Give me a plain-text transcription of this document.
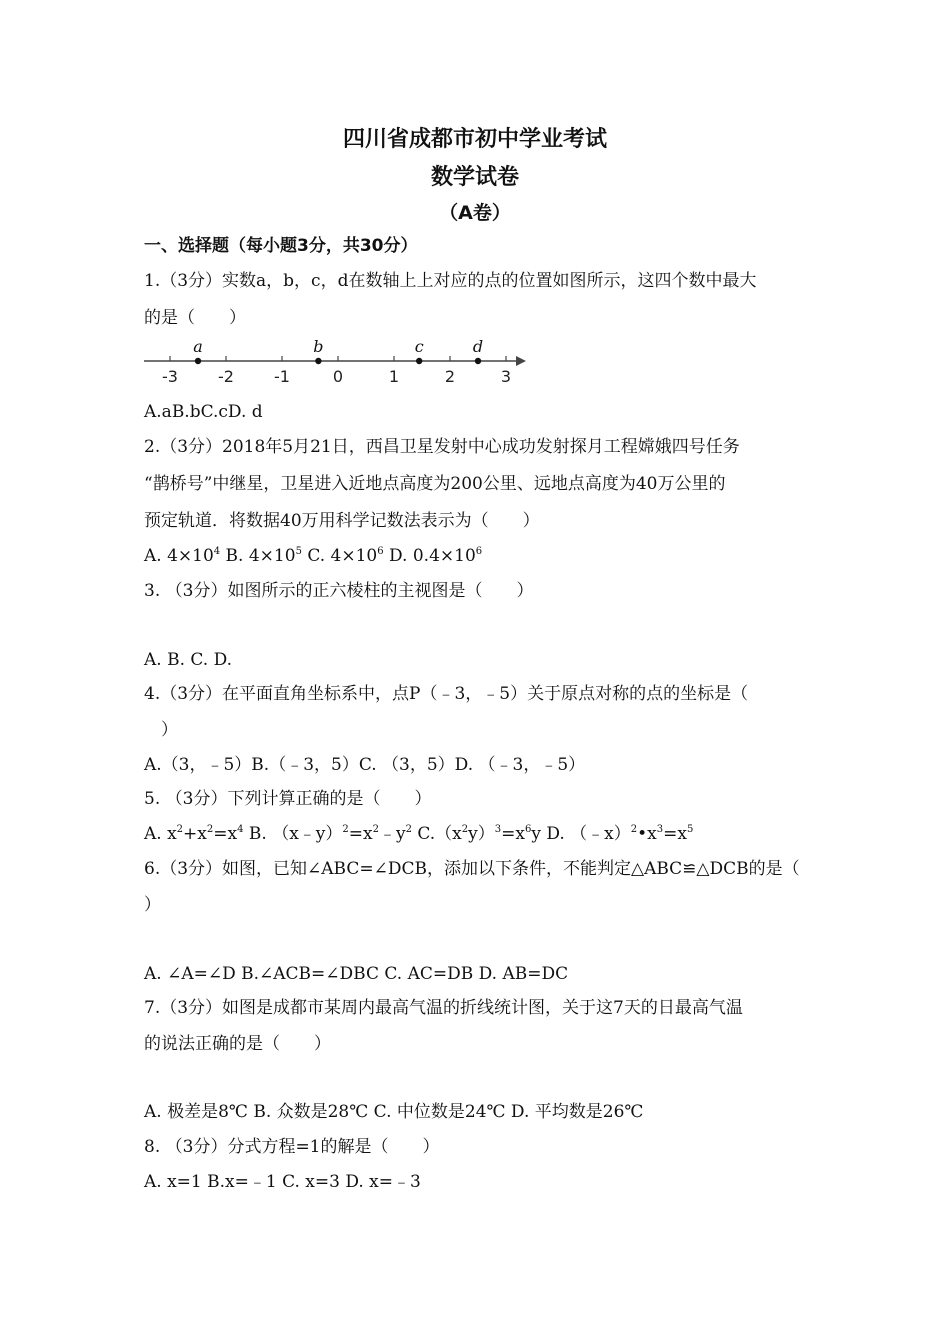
四川省成都市初中学业考试
数学试卷
（A卷）
一、选择题（每小题3分，共30分）
1.（3分）实数a，b，c，d在数轴上上对应的点的位置如图所示，这四个数中最大
的是（　　）
-3	-2	-1	0	1	2	3
a	b	c	d
A.aB.bC.cD. d
2.（3分）2018年5月21日，西昌卫星发射中心成功发射探月工程嫦娥四号任务
“鹊桥号”中继星，卫星进入近地点高度为200公里、远地点高度为40万公里的
预定轨道．将数据40万用科学记数法表示为（　　）
A. $4\times 10^4$ B. $4\times 10^5$ C. $4\times 10^6$ D. $0.4\times 10^6$
3. （3分）如图所示的正六棱柱的主视图是（　　）
A. B. C. D.
4.（3分）在平面直角坐标系中，点P（﹣3，﹣5）关于原点对称的点的坐标是（
　）
A.（3，﹣5）B.（﹣3，5）C. （3，5）D. （﹣3，﹣5）
5. （3分）下列计算正确的是（　　）
A. $x^2+x^2=x^4$ B. $(x﹣y)^2=x^2﹣y^2$ $C.(x^2y)^3=x^6y$ D. $(﹣x)^2•x^3=x^5$
6.（3分）如图，已知∠ABC=∠DCB，添加以下条件，不能判定△ABC≌△DCB的是（
）
A. ∠A=∠D B.∠ACB=∠DBC C. AC=DB D. AB=DC
7.（3分）如图是成都市某周内最高气温的折线统计图，关于这7天的日最高气温
的说法正确的是（　　）
A. 极差是8℃ B. 众数是28℃ C. 中位数是24℃ D. 平均数是26℃
8. （3分）分式方程=1的解是（　　）
A. x=1 B.x=﹣1 C. x=3 D. x=﹣3
